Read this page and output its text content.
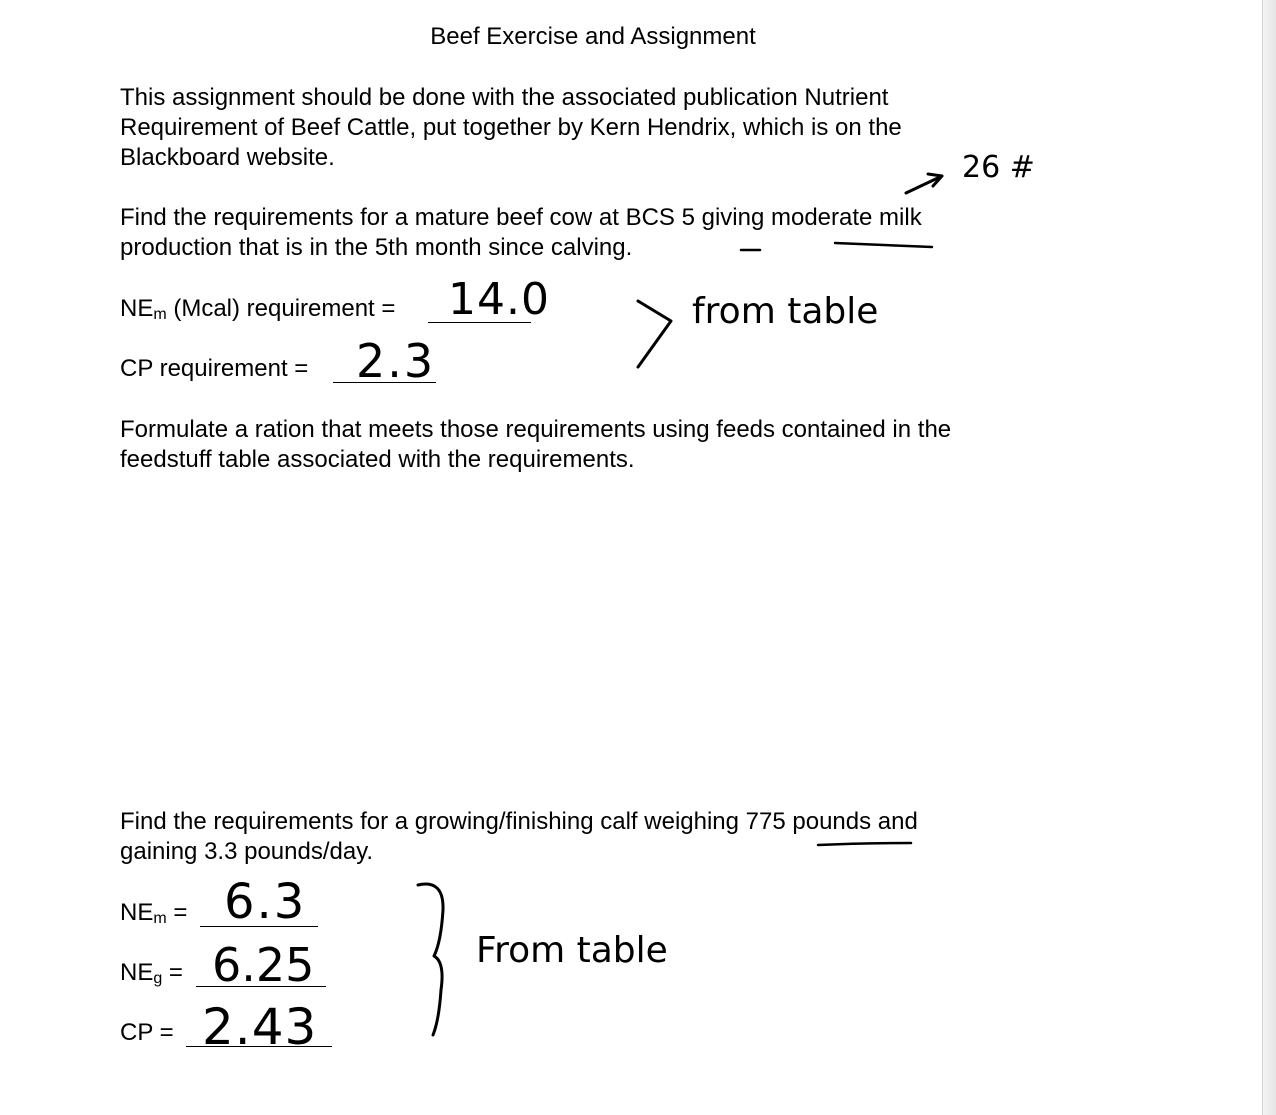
Beef Exercise and Assignment
This assignment should be done with the associated publication Nutrient
Requirement of Beef Cattle, put together by Kern Hendrix, which is on the
Blackboard website.
Find the requirements for a mature beef cow at BCS 5 giving moderate milk
production that is in the 5th month since calving.
$NE_m$ (Mcal) requirement =
CP requirement =
Formulate a ration that meets those requirements using feeds contained in the
feedstuff table associated with the requirements.
Find the requirements for a growing/finishing calf weighing 775 pounds and
gaining 3.3 pounds/day.
$NE_m$ =
$NE_g$ =
CP =
26 #
14.0
2.3
from table
6.3
6.25
2.43
From table
